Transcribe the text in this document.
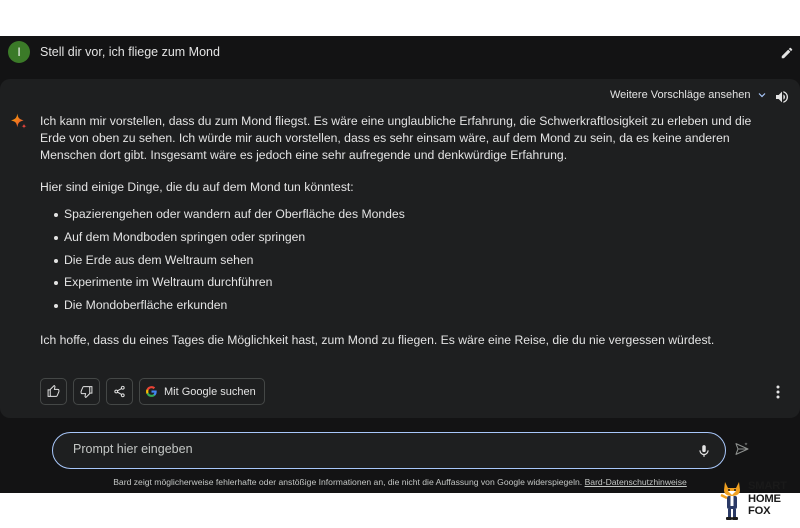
I	Stell dir vor, ich fliege zum Mond
Weitere Vorschläge ansehen

Ich kann mir vorstellen, dass du zum Mond fliegst. Es wäre eine unglaubliche Erfahrung, die Schwerkraftlosigkeit zu erleben und die Erde von oben zu sehen. Ich würde mir auch vorstellen, dass es sehr einsam wäre, auf dem Mond zu sein, da es keine anderen Menschen dort gibt. Insgesamt wäre es jedoch eine sehr aufregende und denkwürdige Erfahrung.

Hier sind einige Dinge, die du auf dem Mond tun könntest:

Spazierengehen oder wandern auf der Oberfläche des Mondes
Auf dem Mondboden springen oder springen
Die Erde aus dem Weltraum sehen
Experimente im Weltraum durchführen
Die Mondoberfläche erkunden

Ich hoffe, dass du eines Tages die Möglichkeit hast, zum Mond zu fliegen. Es wäre eine Reise, die du nie vergessen würdest.

Mit Google suchen
Prompt hier eingeben
Bard zeigt möglicherweise fehlerhafte oder anstößige Informationen an, die nicht die Auffassung von Google widerspiegeln. Bard-Datenschutzhinweise	SMART
HOME
FOX
